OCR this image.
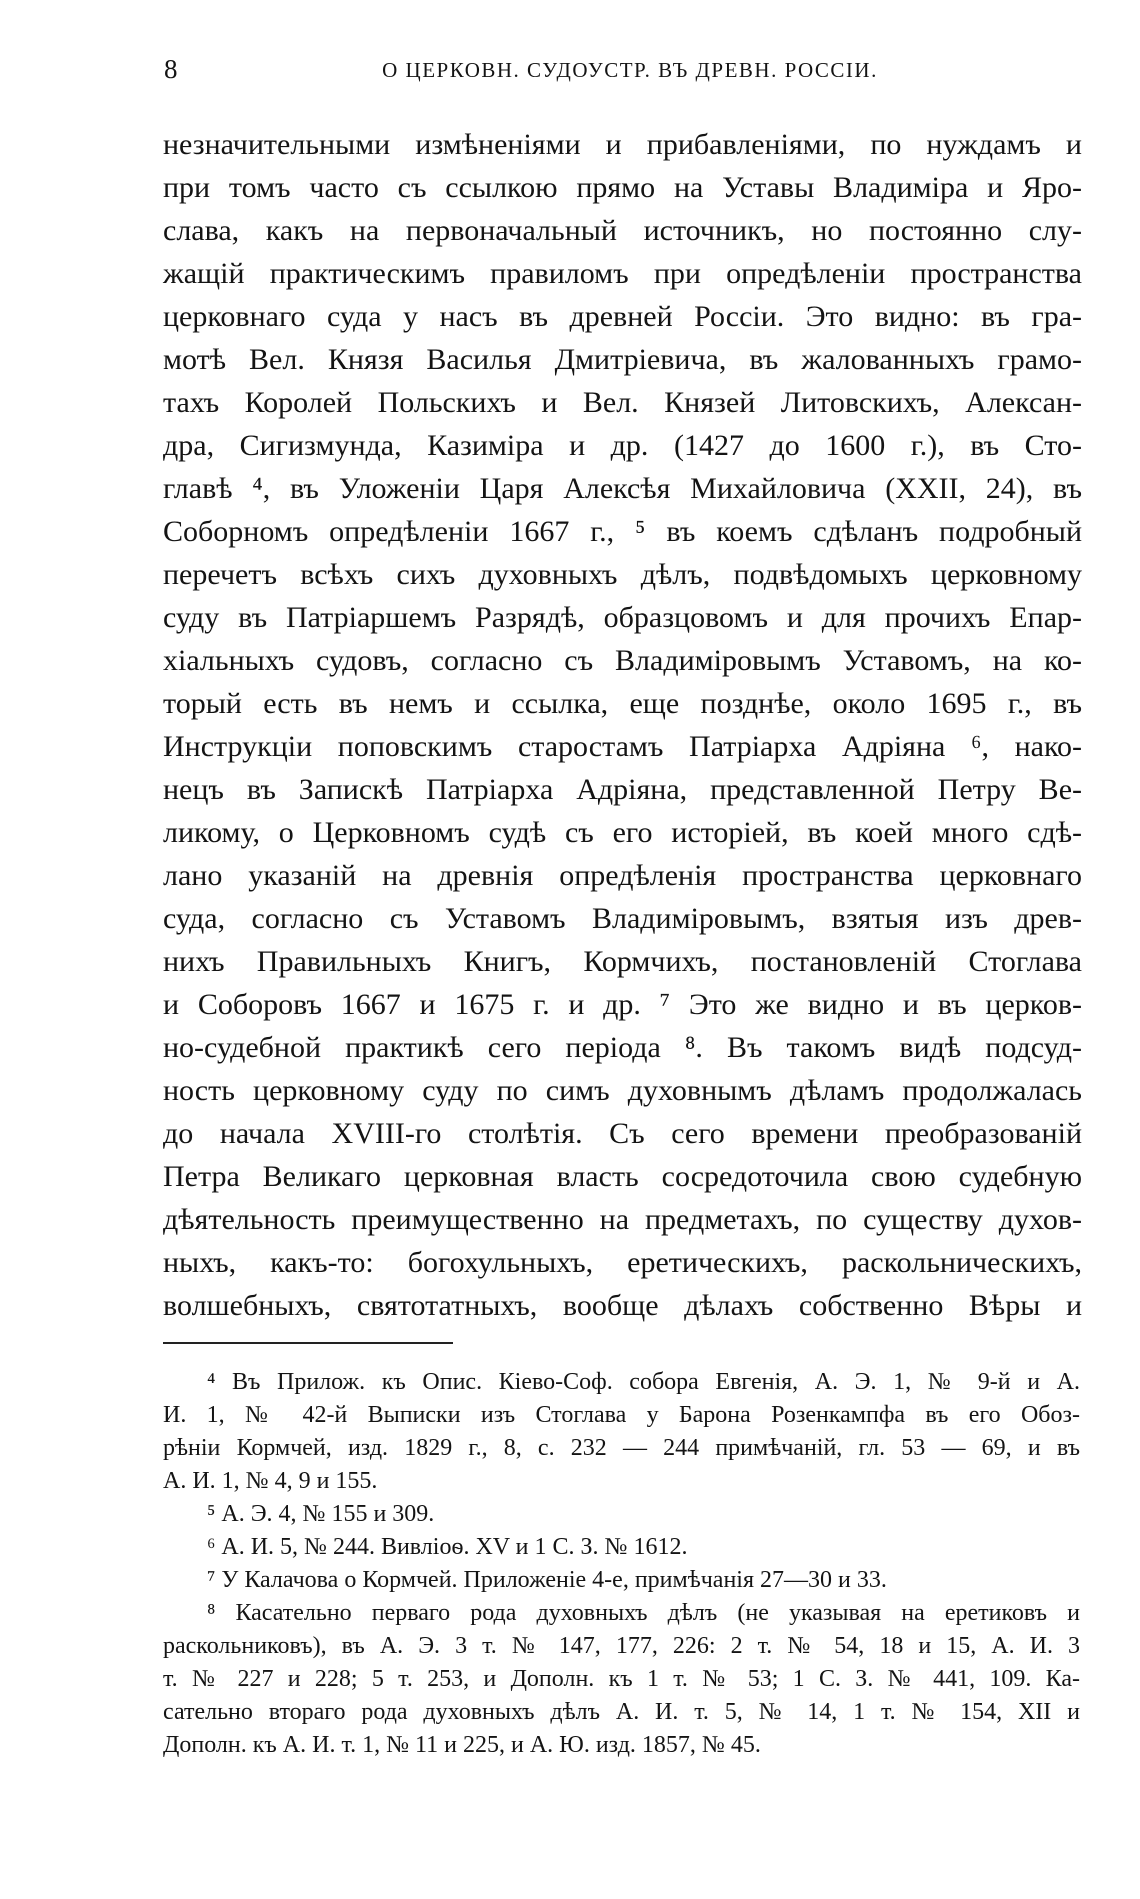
8	О ЦЕРКОВН. СУДОУСТР. ВЪ ДРЕВН. РОССІИ.
незначительными измѣненіями и прибавленіями, по нуждамъ и
при томъ часто съ ссылкою прямо на Уставы Владиміра и Яро-
слава, какъ на первоначальный источникъ, но постоянно слу-
жащій практическимъ правиломъ при опредѣленіи пространства
церковнаго суда у насъ въ древней Россіи. Это видно: въ гра-
мотѣ Вел. Князя Василья Дмитріевича, въ жалованныхъ грамо-
тахъ Королей Польскихъ и Вел. Князей Литовскихъ, Алексан-
дра, Сигизмунда, Казиміра и др. (1427 до 1600 г.), въ Сто-
главѣ ⁴, въ Уложеніи Царя Алексѣя Михайловича (XXII, 24), въ
Соборномъ опредѣленіи 1667 г., ⁵ въ коемъ сдѣланъ подробный
перечетъ всѣхъ сихъ духовныхъ дѣлъ, подвѣдомыхъ церковному
суду въ Патріаршемъ Разрядѣ, образцовомъ и для прочихъ Епар-
хіальныхъ судовъ, согласно съ Владиміровымъ Уставомъ, на ко-
торый есть въ немъ и ссылка, еще позднѣе, около 1695 г., въ
Инструкціи поповскимъ старостамъ Патріарха Адріяна ⁶, нако-
нецъ въ Запискѣ Патріарха Адріяна, представленной Петру Ве-
ликому, о Церковномъ судѣ съ его исторіей, въ коей много сдѣ-
лано указаній на древнія опредѣленія пространства церковнаго
суда, согласно съ Уставомъ Владиміровымъ, взятыя изъ древ-
нихъ Правильныхъ Книгъ, Кормчихъ, постановленій Стоглава
и Соборовъ 1667 и 1675 г. и др. ⁷ Это же видно и въ церков-
но-судебной практикѣ сего періода ⁸. Въ такомъ видѣ подсуд-
ность церковному суду по симъ духовнымъ дѣламъ продолжалась
до начала XVIII-го столѣтія. Съ сего времени преобразованій
Петра Великаго церковная власть сосредоточила свою судебную
дѣятельность преимущественно на предметахъ, по существу духов-
ныхъ, какъ-то: богохульныхъ, еретическихъ, раскольническихъ,
волшебныхъ, святотатныхъ, вообще дѣлахъ собственно Вѣры и
⁴ Въ Прилож. къ Опис. Кіево-Соф. собора Евгенія, А. Э. 1, № 9-й и А.
И. 1, № 42-й Выписки изъ Стоглава у Барона Розенкампфа въ его Обоз-
рѣніи Кормчей, изд. 1829 г., 8, с. 232 — 244 примѣчаній, гл. 53 — 69, и въ
А. И. 1, № 4, 9 и 155.
⁵ А. Э. 4, № 155 и 309.
⁶ А. И. 5, № 244. Вивліоѳ. XV и 1 С. З. № 1612.
⁷ У Калачова о Кормчей. Приложеніе 4-е, примѣчанія 27—30 и 33.
⁸ Касательно перваго рода духовныхъ дѣлъ (не указывая на еретиковъ и
раскольниковъ), въ А. Э. 3 т. № 147, 177, 226: 2 т. № 54, 18 и 15, А. И. 3
т. № 227 и 228; 5 т. 253, и Дополн. къ 1 т. № 53; 1 С. З. № 441, 109. Ка-
сательно втораго рода духовныхъ дѣлъ А. И. т. 5, № 14, 1 т. № 154, XII и
Дополн. къ А. И. т. 1, № 11 и 225, и А. Ю. изд. 1857, № 45.
